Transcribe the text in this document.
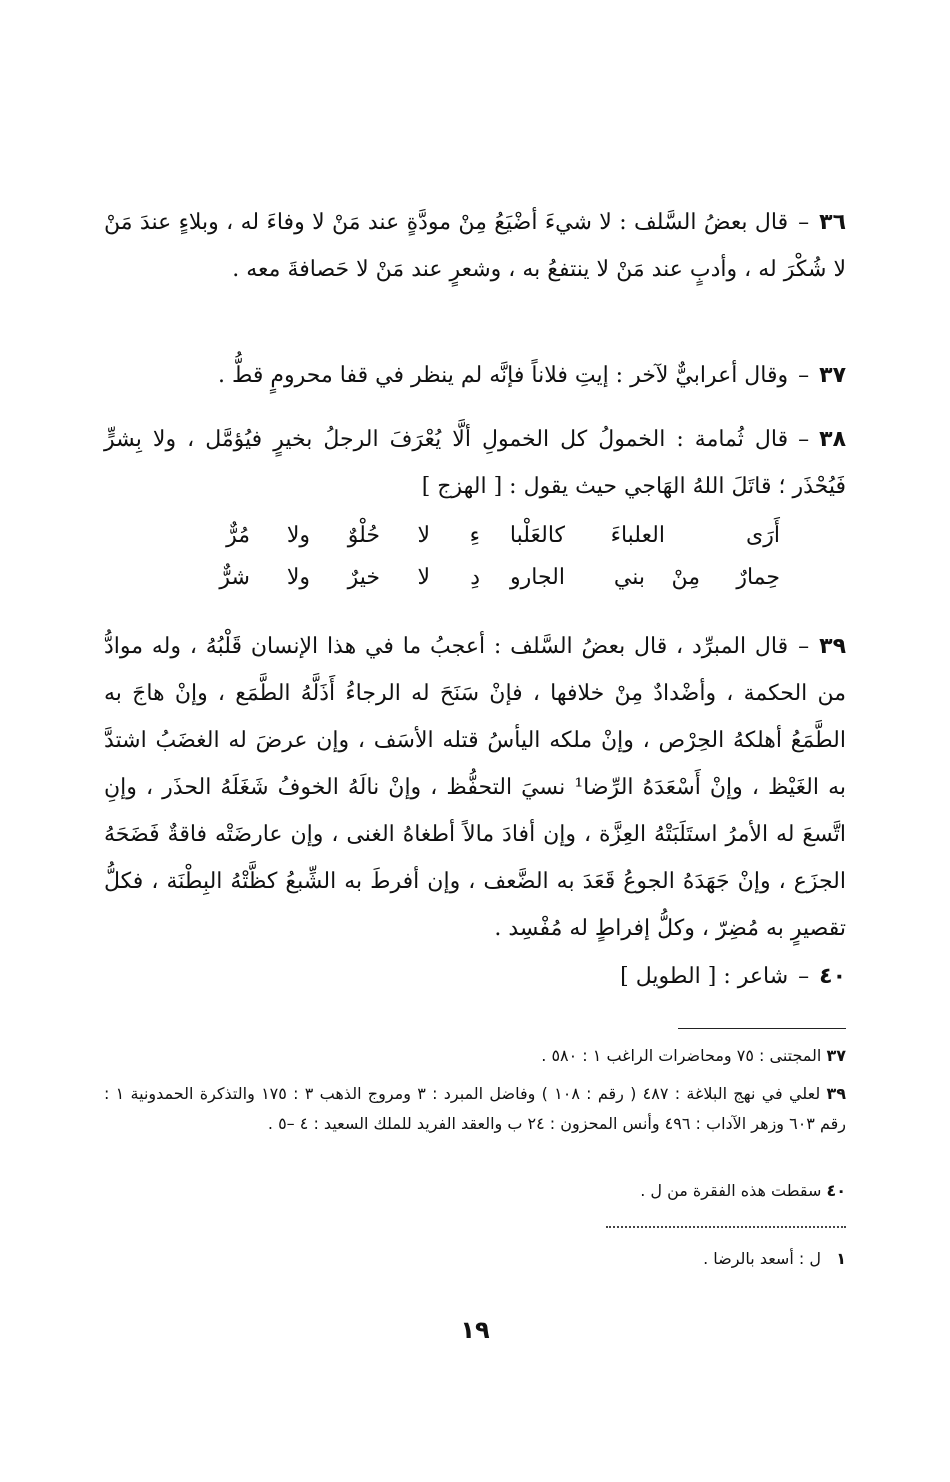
٣٦–قال بعضُ السَّلف : لا شيءَ أضْيَعُ مِنْ مودَّةٍ عند مَنْ لا وفاءَ له ، وبلاءٍ عندَ مَنْ لا شُكْرَ له ، وأدبٍ عند مَنْ لا ينتفعُ به ، وشعرٍ عند مَنْ لا حَصافةَ معه .

٣٧–وقال أعرابيٌّ لآخر : إيتِ فلاناً فإنَّه لم ينظر في قفا محرومٍ قطُّ .

٣٨–قال ثُمامة : الخمولُ كل الخمولِ ألَّا يُعْرَفَ الرجلُ بخيرٍ فيُؤمَّل ، ولا بِشرٍّ فَيُحْذَر ؛ قاتَلَ اللهُ الهَاجي حيث يقول : [ الهزج ]

أَرَى
العلباءَ
كالعَلْبا
ءِ
لا
حُلْوٌ
ولا
مُرٌّ
حِمارٌ
مِنْ
بني
الجارو
دِ
لا
خيرٌ
ولا
شرٌّ

٣٩–قال المبرِّد ، قال بعضُ السَّلف : أعجبُ ما في هذا الإنسان قَلْبُهُ ، وله موادُّ من الحكمة ، وأضْدادٌ مِنْ خلافها ، فإنْ سَنَحَ له الرجاءُ أَذَلَّهُ الطَّمَع ، وإنْ هاجَ به الطَّمَعُ أهلكهُ الحِرْص ، وإنْ ملكه اليأسُ قتله الأسَف ، وإن عرضَ له الغضَبُ اشتدَّ به الغَيْظ ، وإنْ أَسْعَدَهُ الرِّضا¹ نسيَ التحفُّظ ، وإنْ نالَهُ الخوفُ شَغَلَهُ الحذَر ، وإنِ اتَّسعَ له الأمرُ استَلَبَتْهُ العِزَّة ، وإن أفادَ مالاً أطغاهُ الغنى ، وإن عارضَتْه فاقةٌ فَضَحَهُ الجزَع ، وإنْ جَهَدَهُ الجوعُ قَعَدَ به الضَّعف ، وإن أفرطَ به الشِّبعُ كظَّتْهُ البِطْنَة ، فكلُّ تقصيرٍ به مُضِرّ ، وكلُّ إفراطٍ له مُفْسِد .

٤٠–شاعر : [ الطويل ]

٣٧ المجتنى : ٧٥ ومحاضرات الراغب ١ : ٥٨٠ .

٣٩ لعلي في نهج البلاغة : ٤٨٧ ( رقم : ١٠٨ ) وفاضل المبرد : ٣ ومروج الذهب ٣ : ١٧٥ والتذكرة الحمدونية ١ : رقم ٦٠٣ وزهر الآداب : ٤٩٦ وأنس المحزون : ٢٤ ب والعقد الفريد للملك السعيد : ٤ –٥ .

٤٠ سقطت هذه الفقرة من ل .

١   ل : أسعد بالرضا .

١٩
